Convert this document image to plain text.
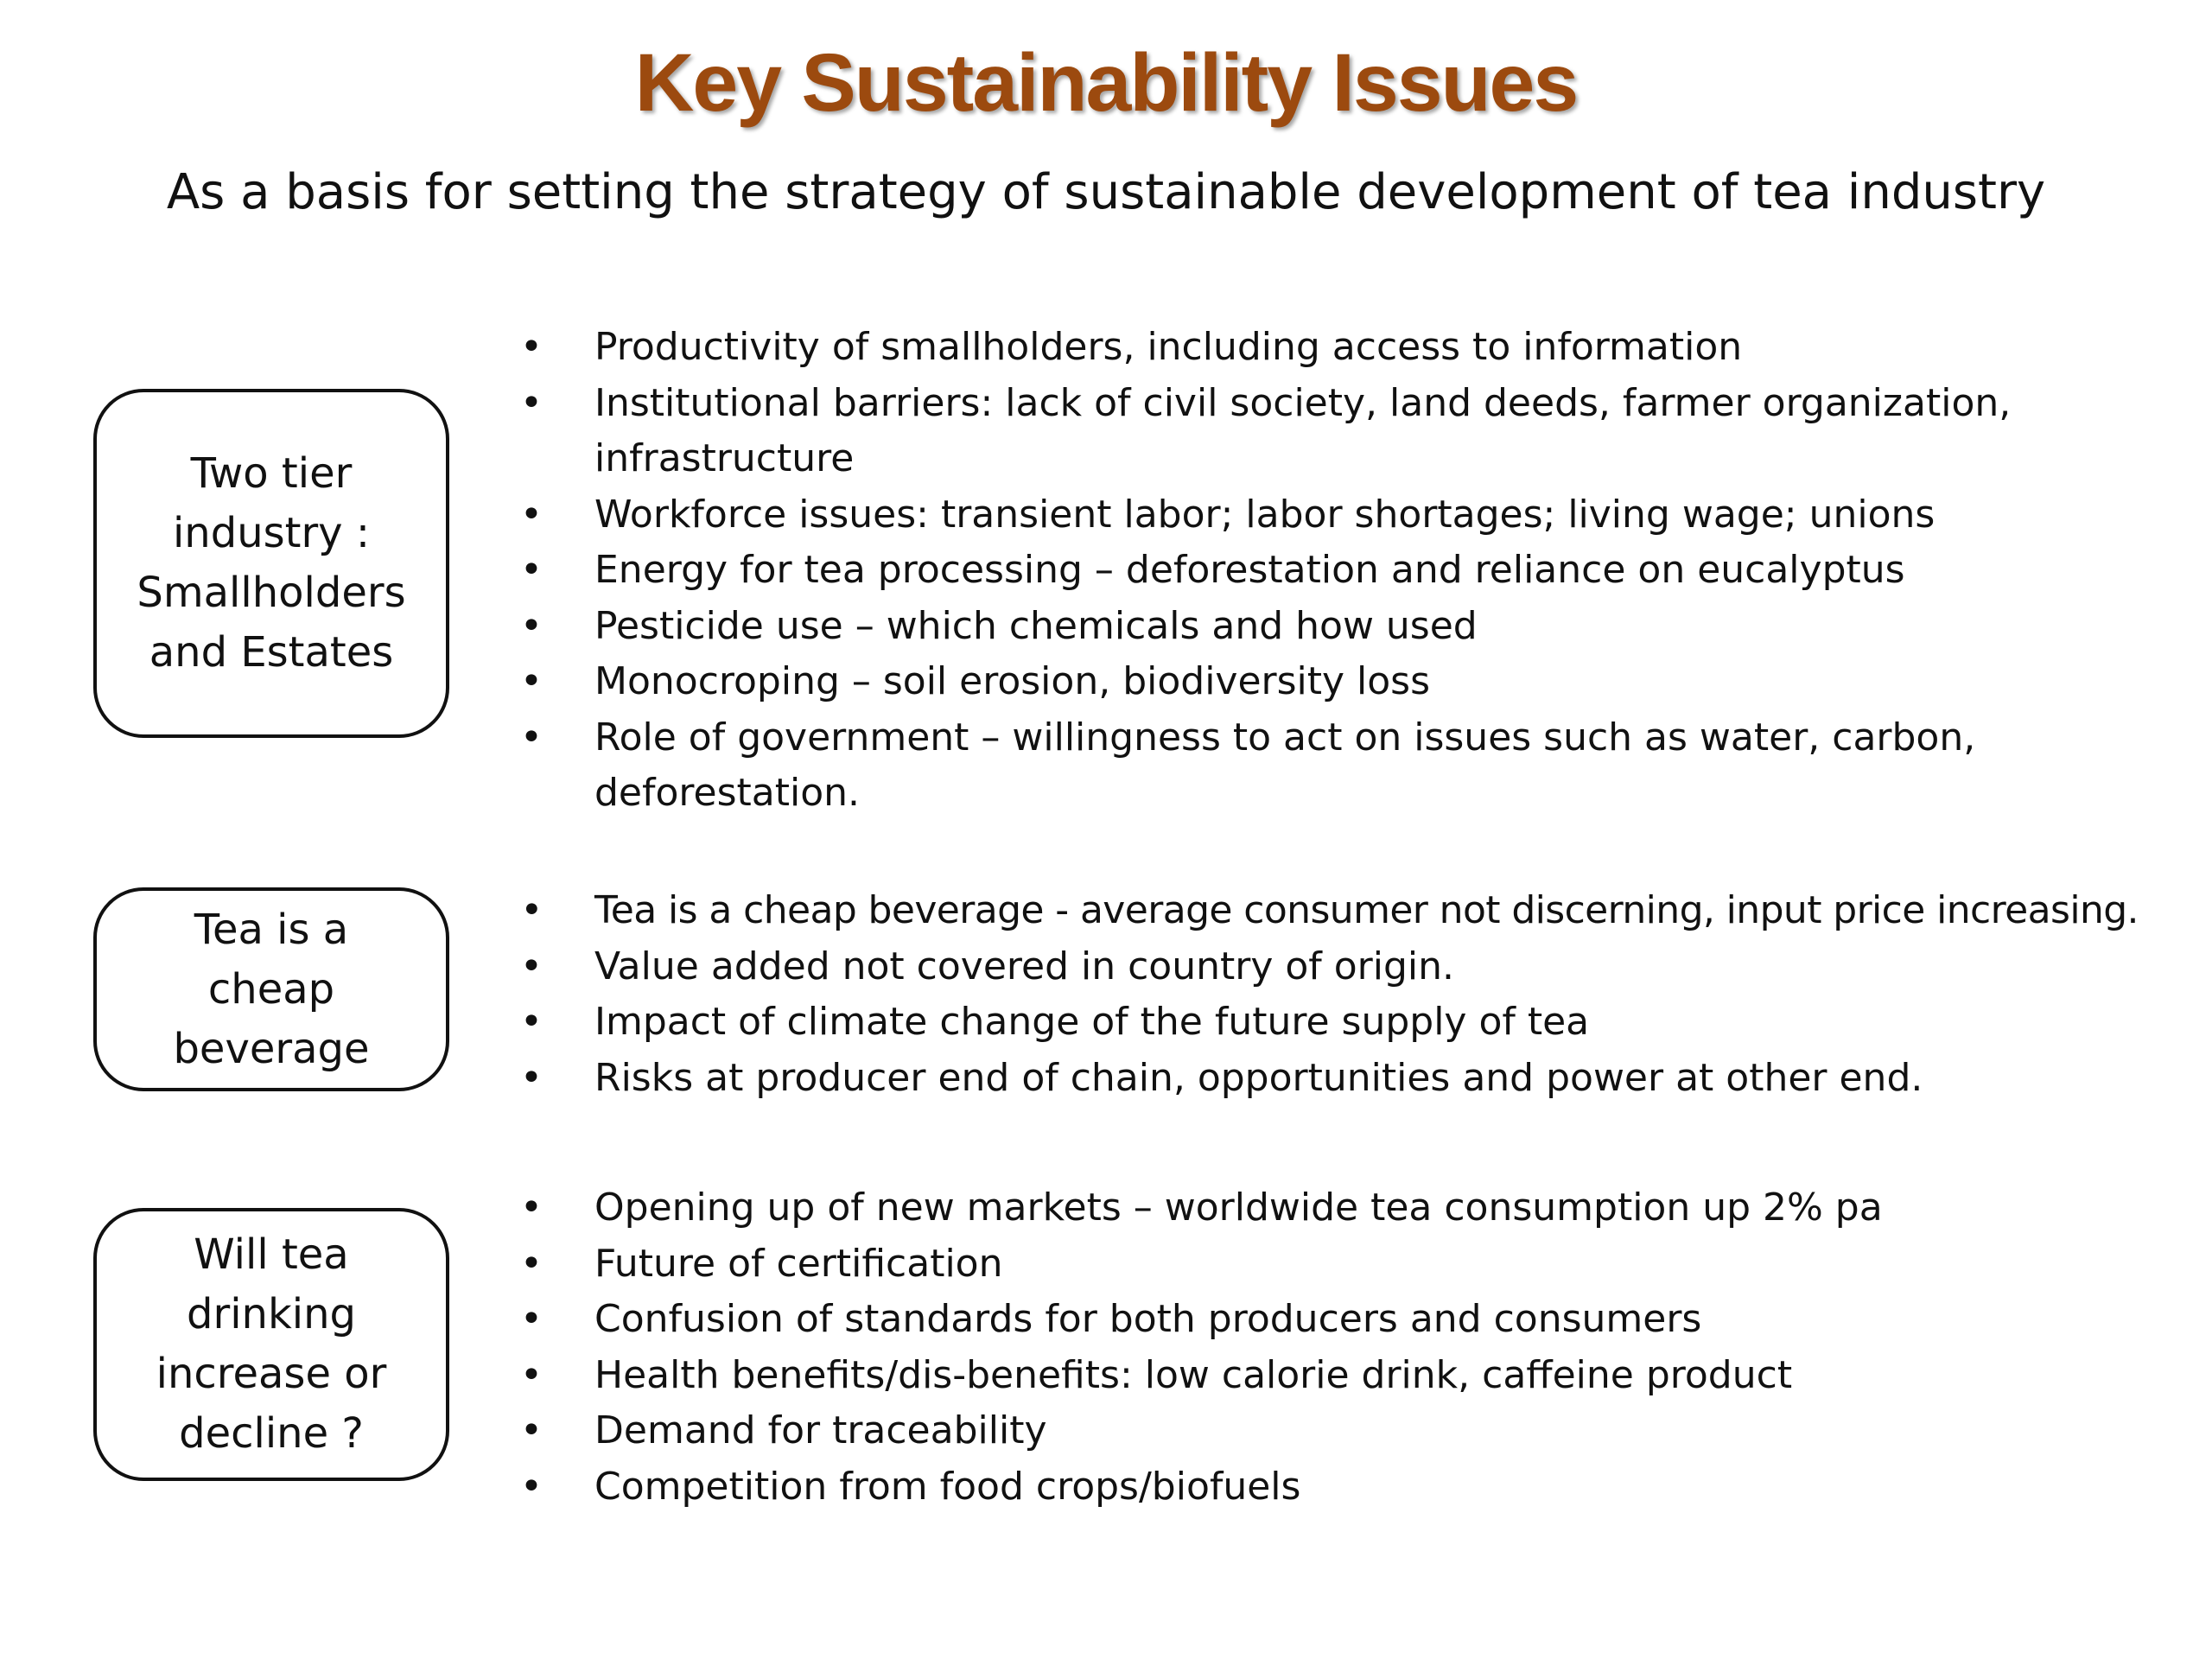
Key Sustainability Issues
As a basis for setting the strategy of sustainable development of tea industry
Two tier
industry :
Smallholders
and Estates
• Productivity of smallholders, including access to information
• Institutional barriers: lack of civil society, land deeds, farmer organization, infrastructure
• Workforce issues: transient labor; labor shortages; living wage; unions
• Energy for tea processing – deforestation and reliance on eucalyptus
• Pesticide use – which chemicals and how used
• Monocroping – soil erosion, biodiversity loss
• Role of government – willingness to act on issues such as water, carbon, deforestation.
Tea is a
cheap
beverage
• Tea is a cheap beverage - average consumer not discerning, input price increasing.
• Value added not covered in country of origin.
• Impact of climate change of the future supply of tea
• Risks at producer end of chain, opportunities and power at other end.
Will tea
drinking
increase or
decline ?
• Opening up of new markets – worldwide tea consumption up 2% pa
• Future of certification
• Confusion of standards for both producers and consumers
• Health benefits/dis-benefits: low calorie drink, caffeine product
• Demand for traceability
• Competition from food crops/biofuels
